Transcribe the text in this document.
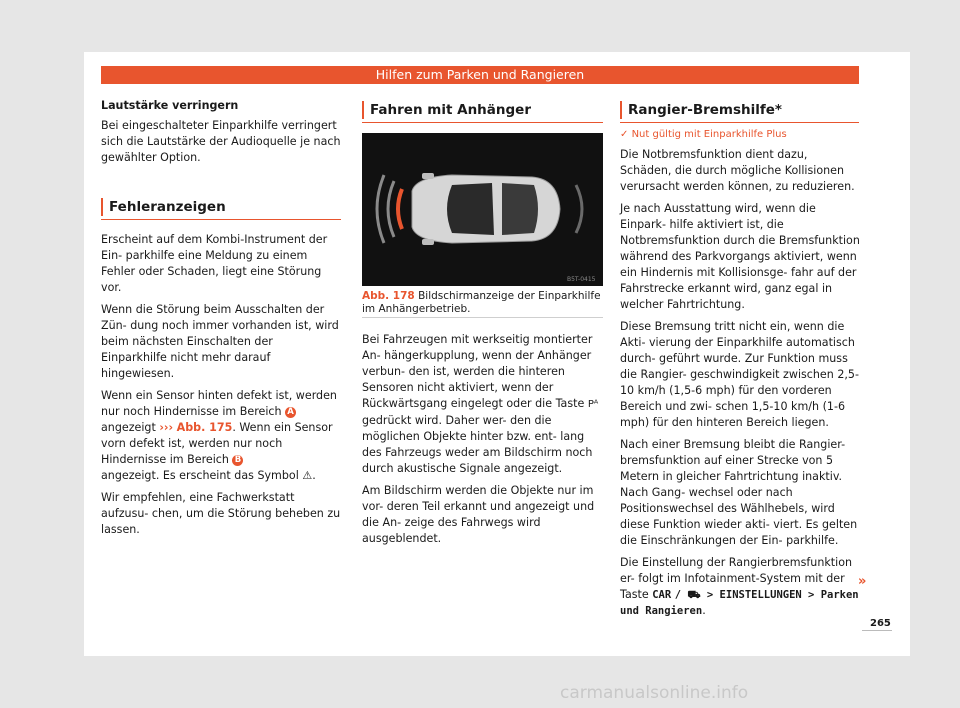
Hilfen zum Parken und Rangieren

Lautstärke verringern

Bei eingeschalteter Einparkhilfe verringert sich die Lautstärke der Audioquelle je nach gewählter Option.

Fehleranzeigen

Erscheint auf dem Kombi-Instrument der Ein- parkhilfe eine Meldung zu einem Fehler oder Schaden, liegt eine Störung vor.

Wenn die Störung beim Ausschalten der Zün- dung noch immer vorhanden ist, wird beim nächsten Einschalten der Einparkhilfe nicht mehr darauf hingewiesen.

Wenn ein Sensor hinten defekt ist, werden nur noch Hindernisse im Bereich A angezeigt ››› Abb. 175. Wenn ein Sensor vorn defekt ist, werden nur noch Hindernisse im Bereich B
angezeigt. Es erscheint das Symbol ⚠.

Wir empfehlen, eine Fachwerkstatt aufzusu- chen, um die Störung beheben zu lassen.

Fahren mit Anhänger
B5T-0415
Abb. 178 Bildschirmanzeige der Einparkhilfe im Anhängerbetrieb.

Bei Fahrzeugen mit werkseitig montierter An- hängerkupplung, wenn der Anhänger verbun- den ist, werden die hinteren Sensoren nicht aktiviert, wenn der Rückwärtsgang eingelegt oder die Taste Pᴬ gedrückt wird. Daher wer- den die möglichen Objekte hinter bzw. ent- lang des Fahrzeugs weder am Bildschirm noch durch akustische Signale angezeigt.

Am Bildschirm werden die Objekte nur im vor- deren Teil erkannt und angezeigt und die An- zeige des Fahrwegs wird ausgeblendet.

Rangier-Bremshilfe*

✓ Nut gültig mit Einparkhilfe Plus

Die Notbremsfunktion dient dazu, Schäden, die durch mögliche Kollisionen verursacht werden können, zu reduzieren.

Je nach Ausstattung wird, wenn die Einpark- hilfe aktiviert ist, die Notbremsfunktion durch die Bremsfunktion während des Parkvorgangs aktiviert, wenn ein Hindernis mit Kollisionsge- fahr auf der Fahrstrecke erkannt wird, ganz egal in welcher Fahrtrichtung.

Diese Bremsung tritt nicht ein, wenn die Akti- vierung der Einparkhilfe automatisch durch- geführt wurde. Zur Funktion muss die Rangier- geschwindigkeit zwischen 2,5-10 km/h (1,5-6 mph) für den vorderen Bereich und zwi- schen 1,5-10 km/h (1-6 mph) für den hinteren Bereich liegen.

Nach einer Bremsung bleibt die Rangier- bremsfunktion auf einer Strecke von 5 Metern in gleicher Fahrtrichtung inaktiv. Nach Gang- wechsel oder nach Positionswechsel des Wählhebels, wird diese Funktion wieder akti- viert. Es gelten die Einschränkungen der Ein- parkhilfe.

Die Einstellung der Rangierbremsfunktion er- folgt im Infotainment-System mit der Taste CAR / ⛟ > EINSTELLUNGEN > Parken und Rangieren.

»
265
carmanualsonline.info
